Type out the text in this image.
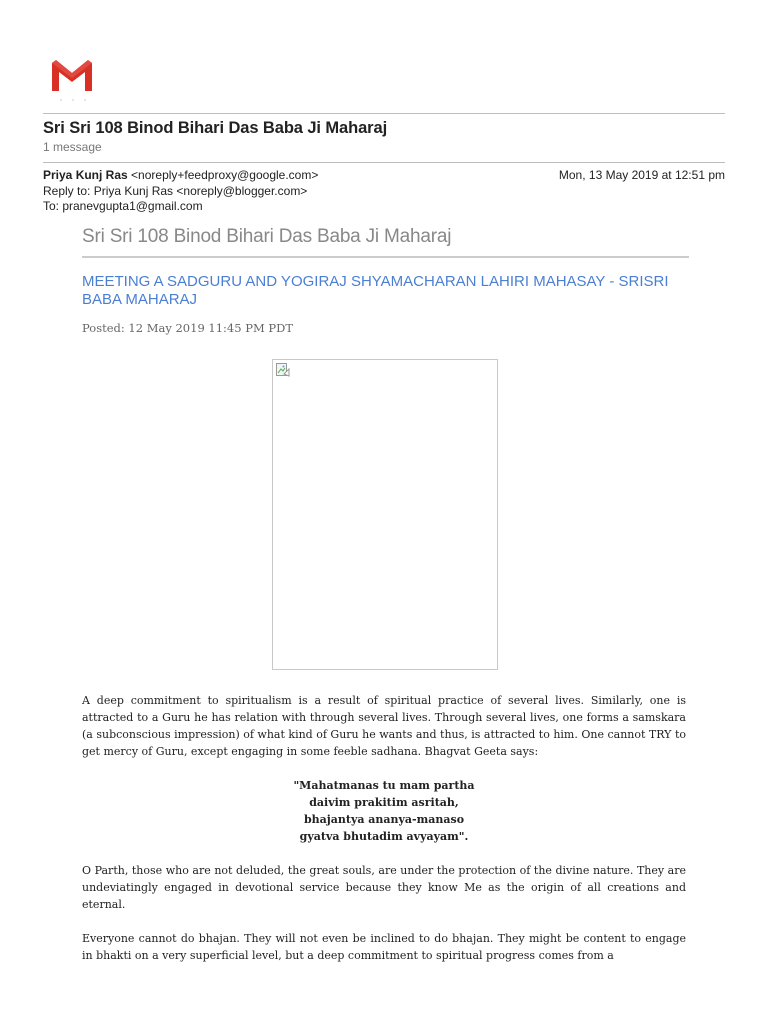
Sri Sri 108 Binod Bihari Das Baba Ji Maharaj
1 message
Priya Kunj Ras <noreply+feedproxy@google.com>	Mon, 13 May 2019 at 12:51 pm
Reply to: Priya Kunj Ras <noreply@blogger.com>
To: pranevgupta1@gmail.com
Sri Sri 108 Binod Bihari Das Baba Ji Maharaj
MEETING A SADGURU AND YOGIRAJ SHYAMACHARAN LAHIRI MAHASAY - SRISRI BABA MAHARAJ
Posted: 12 May 2019 11:45 PM PDT

A deep commitment to spiritualism is a result of spiritual practice of several lives. Similarly, one is attracted to a Guru he has relation with through several lives. Through several lives, one forms a samskara (a subconscious impression) of what kind of Guru he wants and thus, is attracted to him. One cannot TRY to get mercy of Guru, except engaging in some feeble sadhana. Bhagvat Geeta says:

"Mahatmanas tu mam partha
daivim prakitim asritah,
bhajantya ananya-manaso
gyatva bhutadim avyayam".

O Parth, those who are not deluded, the great souls, are under the protection of the divine nature. They are undeviatingly engaged in devotional service because they know Me as the origin of all creations and eternal.

Everyone cannot do bhajan. They will not even be inclined to do bhajan. They might be content to engage in bhakti on a very superficial level, but a deep commitment to spiritual progress comes from a
